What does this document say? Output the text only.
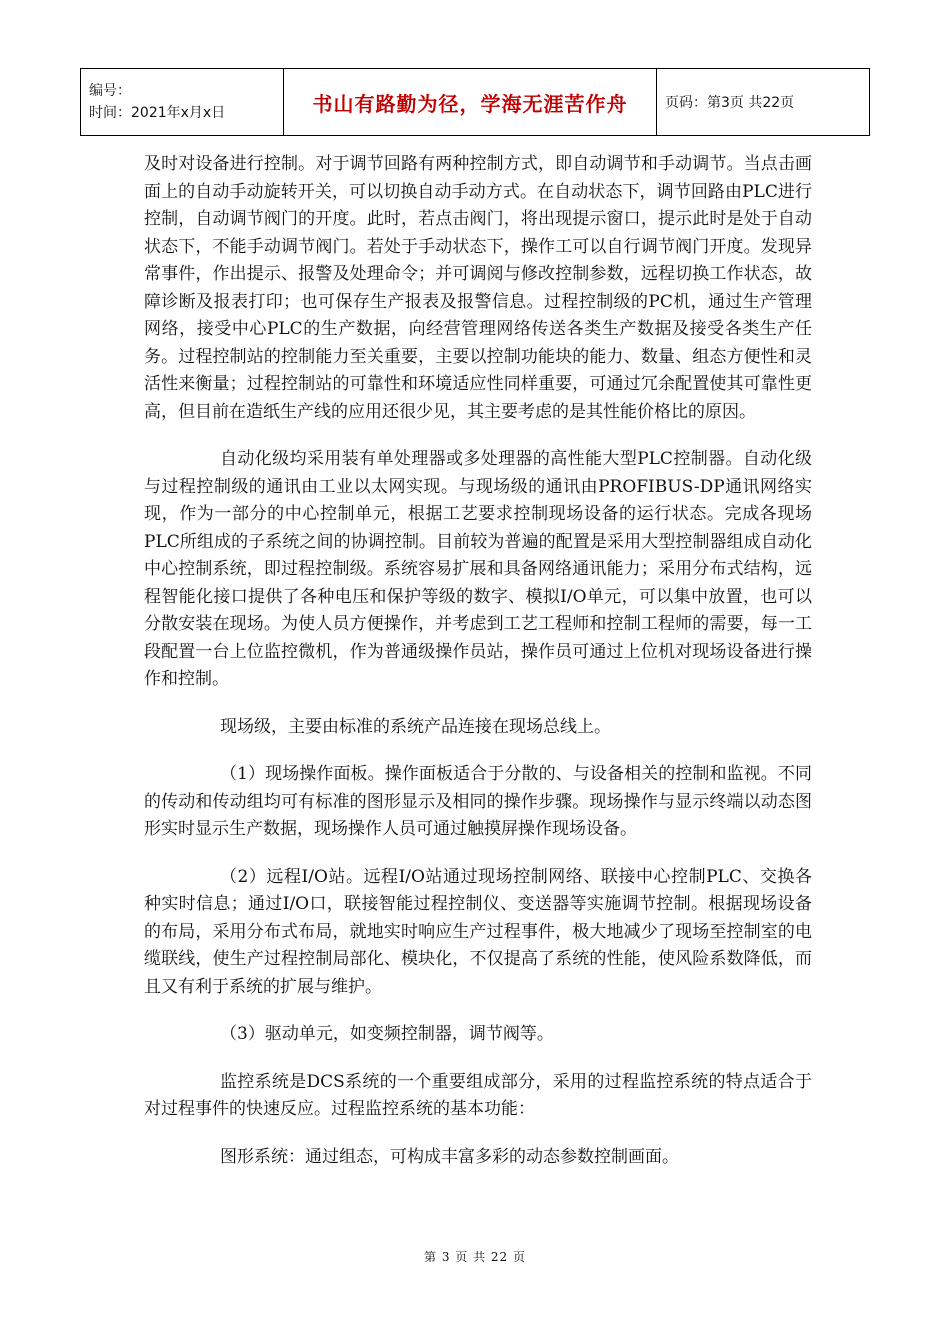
编号：
时间：2021年x月x日	书山有路勤为径，学海无涯苦作舟	页码：第3页 共22页

及时对设备进行控制。对于调节回路有两种控制方式，即自动调节和手动调节。当点击画面上的自动手动旋转开关，可以切换自动手动方式。在自动状态下，调节回路由PLC进行控制，自动调节阀门的开度。此时，若点击阀门，将出现提示窗口，提示此时是处于自动状态下，不能手动调节阀门。若处于手动状态下，操作工可以自行调节阀门开度。发现异常事件，作出提示、报警及处理命令；并可调阅与修改控制参数，远程切换工作状态，故障诊断及报表打印；也可保存生产报表及报警信息。过程控制级的PC机，通过生产管理网络，接受中心PLC的生产数据，向经营管理网络传送各类生产数据及接受各类生产任务。过程控制站的控制能力至关重要，主要以控制功能块的能力、数量、组态方便性和灵活性来衡量；过程控制站的可靠性和环境适应性同样重要，可通过冗余配置使其可靠性更高，但目前在造纸生产线的应用还很少见，其主要考虑的是其性能价格比的原因。

自动化级均采用装有单处理器或多处理器的高性能大型PLC控制器。自动化级与过程控制级的通讯由工业以太网实现。与现场级的通讯由PROFIBUS-DP通讯网络实现，作为一部分的中心控制单元，根据工艺要求控制现场设备的运行状态。完成各现场PLC所组成的子系统之间的协调控制。目前较为普遍的配置是采用大型控制器组成自动化中心控制系统，即过程控制级。系统容易扩展和具备网络通讯能力；采用分布式结构，远程智能化接口提供了各种电压和保护等级的数字、模拟I/O单元，可以集中放置，也可以分散安装在现场。为使人员方便操作，并考虑到工艺工程师和控制工程师的需要，每一工段配置一台上位监控微机，作为普通级操作员站，操作员可通过上位机对现场设备进行操作和控制。

现场级，主要由标准的系统产品连接在现场总线上。

（1）现场操作面板。操作面板适合于分散的、与设备相关的控制和监视。不同的传动和传动组均可有标准的图形显示及相同的操作步骤。现场操作与显示终端以动态图形实时显示生产数据，现场操作人员可通过触摸屏操作现场设备。

（2）远程I/O站。远程I/O站通过现场控制网络、联接中心控制PLC、交换各种实时信息；通过I/O口，联接智能过程控制仪、变送器等实施调节控制。根据现场设备的布局，采用分布式布局，就地实时响应生产过程事件，极大地减少了现场至控制室的电缆联线，使生产过程控制局部化、模块化，不仅提高了系统的性能，使风险系数降低，而且又有利于系统的扩展与维护。

（3）驱动单元，如变频控制器，调节阀等。

监控系统是DCS系统的一个重要组成部分，采用的过程监控系统的特点适合于对过程事件的快速反应。过程监控系统的基本功能：

图形系统：通过组态，可构成丰富多彩的动态参数控制画面。

第 3 页 共 22 页
